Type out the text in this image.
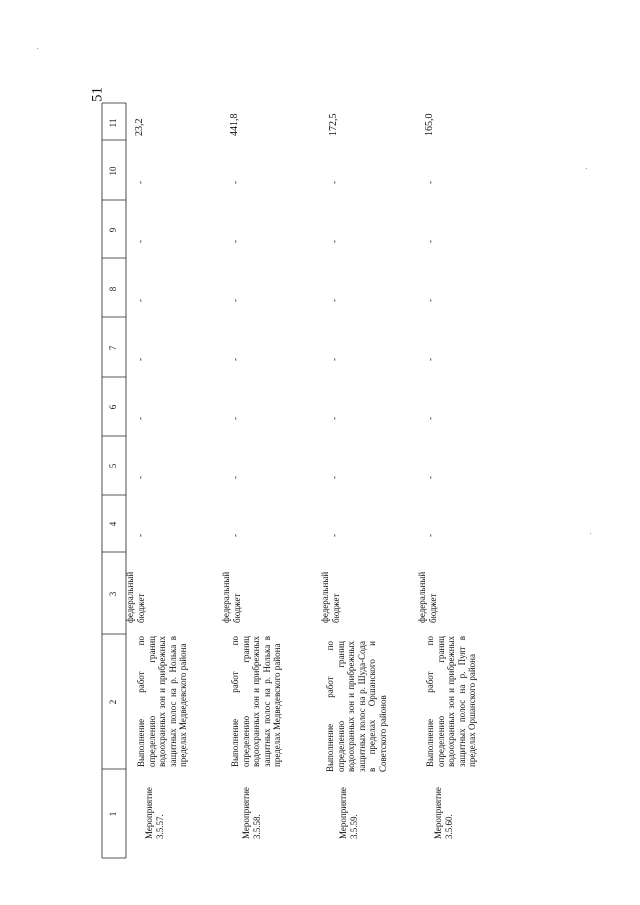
51
11
10
9
8
7
6
5
4
3
2
1	Мероприятие 3.5.57.
Выполнение работ по определению границ водоохранных зон и прибрежных защитных полос на р. Нолька в пределах Медведевского района
федеральный бюджет
-
-
-
-
-
-
-
23,2
Мероприятие 3.5.58.
Выполнение работ по определению границ водоохранных зон и прибрежных защитных полос на р. Нолька в пределах Медведевского района
федеральный бюджет
-
-
-
-
-
-
-
441,8
Мероприятие 3.5.59.
Выполнение работ по определению границ водоохранных зон и прибрежных защитных полос на р. Шуда-Сода в пределах Оршанского и Советского районов
федеральный бюджет
-
-
-
-
-
-
-
172,5
Мероприятие 3.5.60.
Выполнение работ по определению границ водоохранных зон и прибрежных защитных полос на р. Пуят в пределах Оршанского района
федеральный бюджет
-
-
-
-
-
-
-
165,0
